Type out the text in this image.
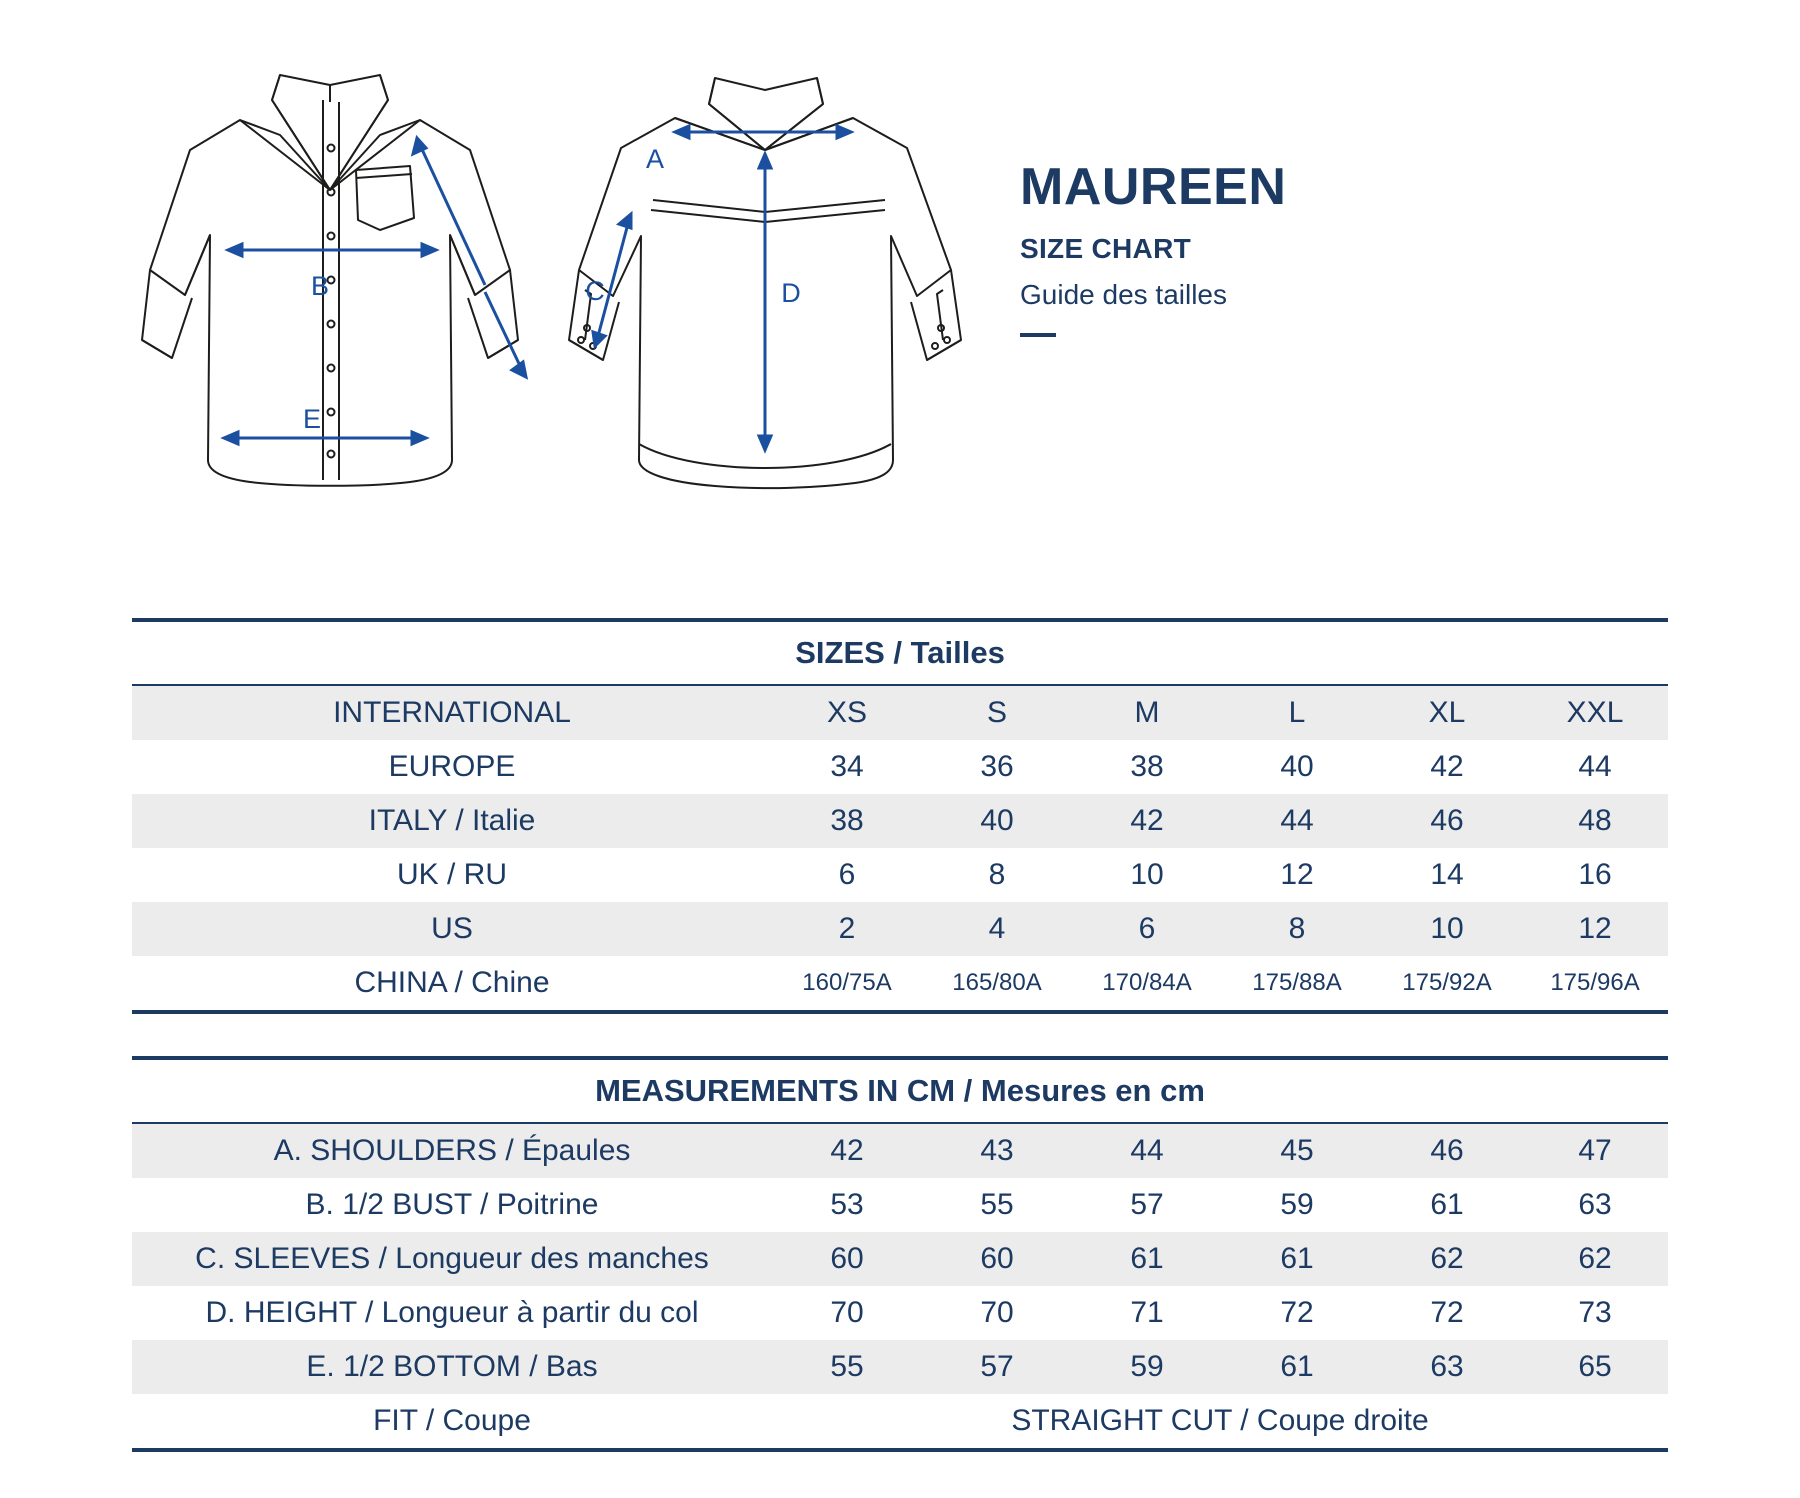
B
E
A
C	D
MAUREEN
SIZE CHART
Guide des tailles
SIZES / Tailles						
INTERNATIONAL	XS	S	M	L	XL	XXL
EUROPE	34	36	38	40	42	44
ITALY / Italie	38	40	42	44	46	48
UK / RU	6	8	10	12	14	16
US	2	4	6	8	10	12
CHINA / Chine	160/75A	165/80A	170/84A	175/88A	175/92A	175/96A
MEASUREMENTS IN CM / Mesures en cm						
A. SHOULDERS / Épaules	42	43	44	45	46	47
B. 1/2 BUST / Poitrine	53	55	57	59	61	63
C. SLEEVES / Longueur des manches	60	60	61	61	62	62
D. HEIGHT / Longueur à partir du col	70	70	71	72	72	73
E. 1/2 BOTTOM / Bas	55	57	59	61	63	65
FIT / Coupe	STRAIGHT CUT / Coupe droite					
